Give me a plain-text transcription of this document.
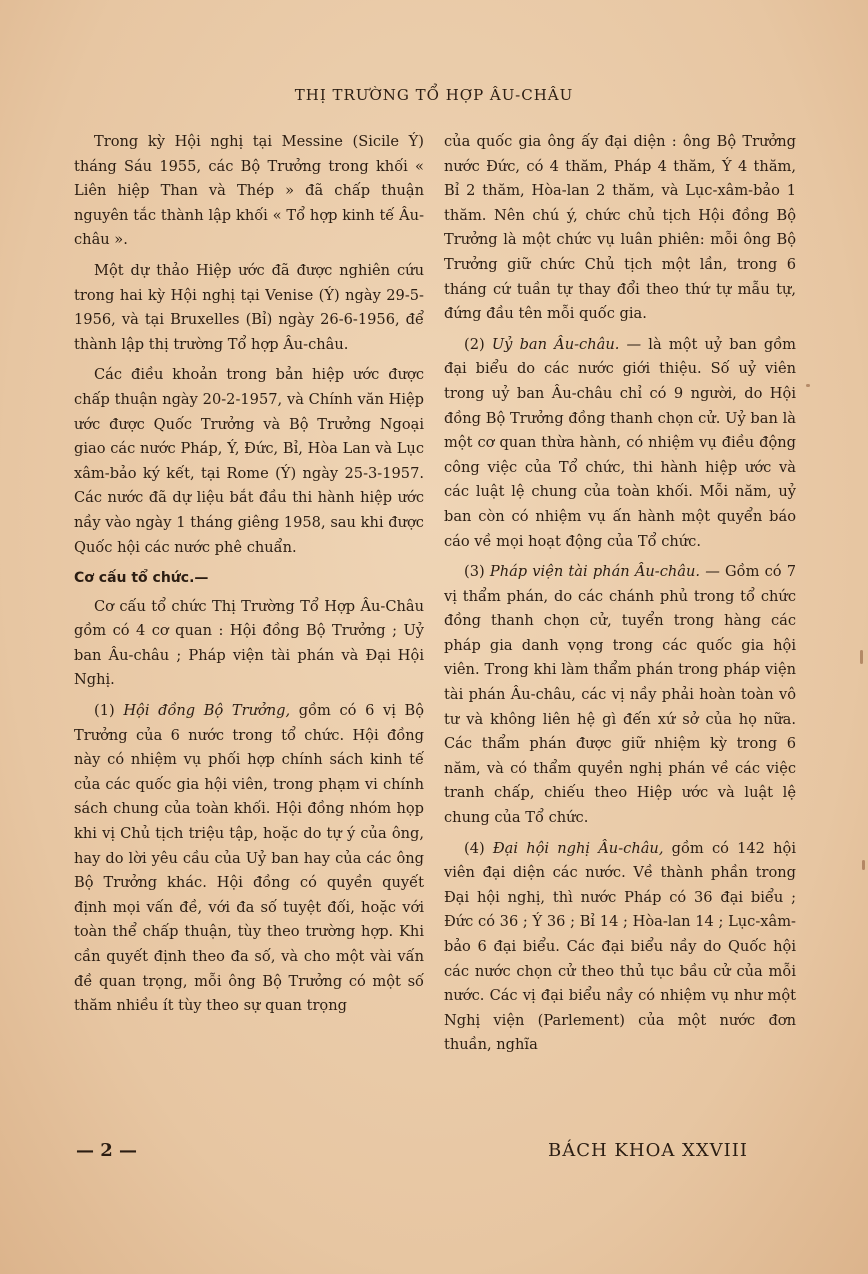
THỊ TRƯỜNG TỔ HỢP ÂU-CHÂU

Trong kỳ Hội nghị tại Messine (Sicile Ý) tháng Sáu 1955, các Bộ Trưởng trong khối « Liên hiệp Than và Thép » đã chấp thuận nguyên tắc thành lập khối « Tổ hợp kinh tế Âu-châu ».

Một dự thảo Hiệp ước đã được nghiên cứu trong hai kỳ Hội nghị tại Venise (Ý) ngày 29-5-1956, và tại Bruxelles (Bỉ) ngày 26-6-1956, để thành lập thị trường Tổ hợp Âu-châu.

Các điều khoản trong bản hiệp ước được chấp thuận ngày 20-2-1957, và Chính văn Hiệp ước được Quốc Trưởng và Bộ Trưởng Ngoại giao các nước Pháp, Ý, Đức, Bỉ, Hòa Lan và Lục xâm-bảo ký kết, tại Rome (Ý) ngày 25-3-1957. Các nước đã dự liệu bắt đầu thi hành hiệp ước nầy vào ngày 1 tháng giêng 1958, sau khi được Quốc hội các nước phê chuẩn.

Cơ cấu tổ chức.—

Cơ cấu tổ chức Thị Trường Tổ Hợp Âu-Châu gồm có 4 cơ quan : Hội đồng Bộ Trưởng ; Uỷ ban Âu-châu ; Pháp viện tài phán và Đại Hội Nghị.

(1) Hội đồng Bộ Trưởng, gồm có 6 vị Bộ Trưởng của 6 nước trong tổ chức. Hội đồng này có nhiệm vụ phối hợp chính sách kinh tế của các quốc gia hội viên, trong phạm vi chính sách chung của toàn khối. Hội đồng nhóm họp khi vị Chủ tịch triệu tập, hoặc do tự ý của ông, hay do lời yêu cầu của Uỷ ban hay của các ông Bộ Trưởng khác. Hội đồng có quyền quyết định mọi vấn đề, với đa số tuyệt đối, hoặc với toàn thể chấp thuận, tùy theo trường hợp. Khi cần quyết định theo đa số, và cho một vài vấn đề quan trọng, mỗi ông Bộ Trưởng có một số thăm nhiều ít tùy theo sự quan trọng

của quốc gia ông ấy đại diện : ông Bộ Trưởng nước Đức, có 4 thăm, Pháp 4 thăm, Ý 4 thăm, Bỉ 2 thăm, Hòa-lan 2 thăm, và Lục-xâm-bảo 1 thăm. Nên chú ý, chức chủ tịch Hội đồng Bộ Trưởng là một chức vụ luân phiên: mỗi ông Bộ Trưởng giữ chức Chủ tịch một lần, trong 6 tháng cứ tuần tự thay đổi theo thứ tự mẫu tự, đứng đầu tên mỗi quốc gia.

(2) Uỷ ban Âu-châu. — là một uỷ ban gồm đại biểu do các nước giới thiệu. Số uỷ viên trong uỷ ban Âu-châu chỉ có 9 người, do Hội đồng Bộ Trưởng đồng thanh chọn cử. Uỷ ban là một cơ quan thừa hành, có nhiệm vụ điều động công việc của Tổ chức, thi hành hiệp ước và các luật lệ chung của toàn khối. Mỗi năm, uỷ ban còn có nhiệm vụ ấn hành một quyển báo cáo về mọi hoạt động của Tổ chức.

(3) Pháp viện tài phán Âu-châu. — Gồm có 7 vị thẩm phán, do các chánh phủ trong tổ chức đồng thanh chọn cử, tuyển trong hàng các pháp gia danh vọng trong các quốc gia hội viên. Trong khi làm thẩm phán trong pháp viện tài phán Âu-châu, các vị nầy phải hoàn toàn vô tư và không liên hệ gì đến xứ sở của họ nữa. Các thẩm phán được giữ nhiệm kỳ trong 6 năm, và có thẩm quyền nghị phán về các việc tranh chấp, chiếu theo Hiệp ước và luật lệ chung của Tổ chức.

(4) Đại hội nghị Âu-châu, gồm có 142 hội viên đại diện các nước. Về thành phần trong Đại hội nghị, thì nước Pháp có 36 đại biểu ; Đức có 36 ; Ý 36 ; Bỉ 14 ; Hòa-lan 14 ; Lục-xâm-bảo 6 đại biểu. Các đại biểu nầy do Quốc hội các nước chọn cử theo thủ tục bầu cử của mỗi nước. Các vị đại biểu nầy có nhiệm vụ như một Nghị viện (Parlement) của một nước đơn thuần, nghĩa

— 2 —	BÁCH KHOA XXVIII
